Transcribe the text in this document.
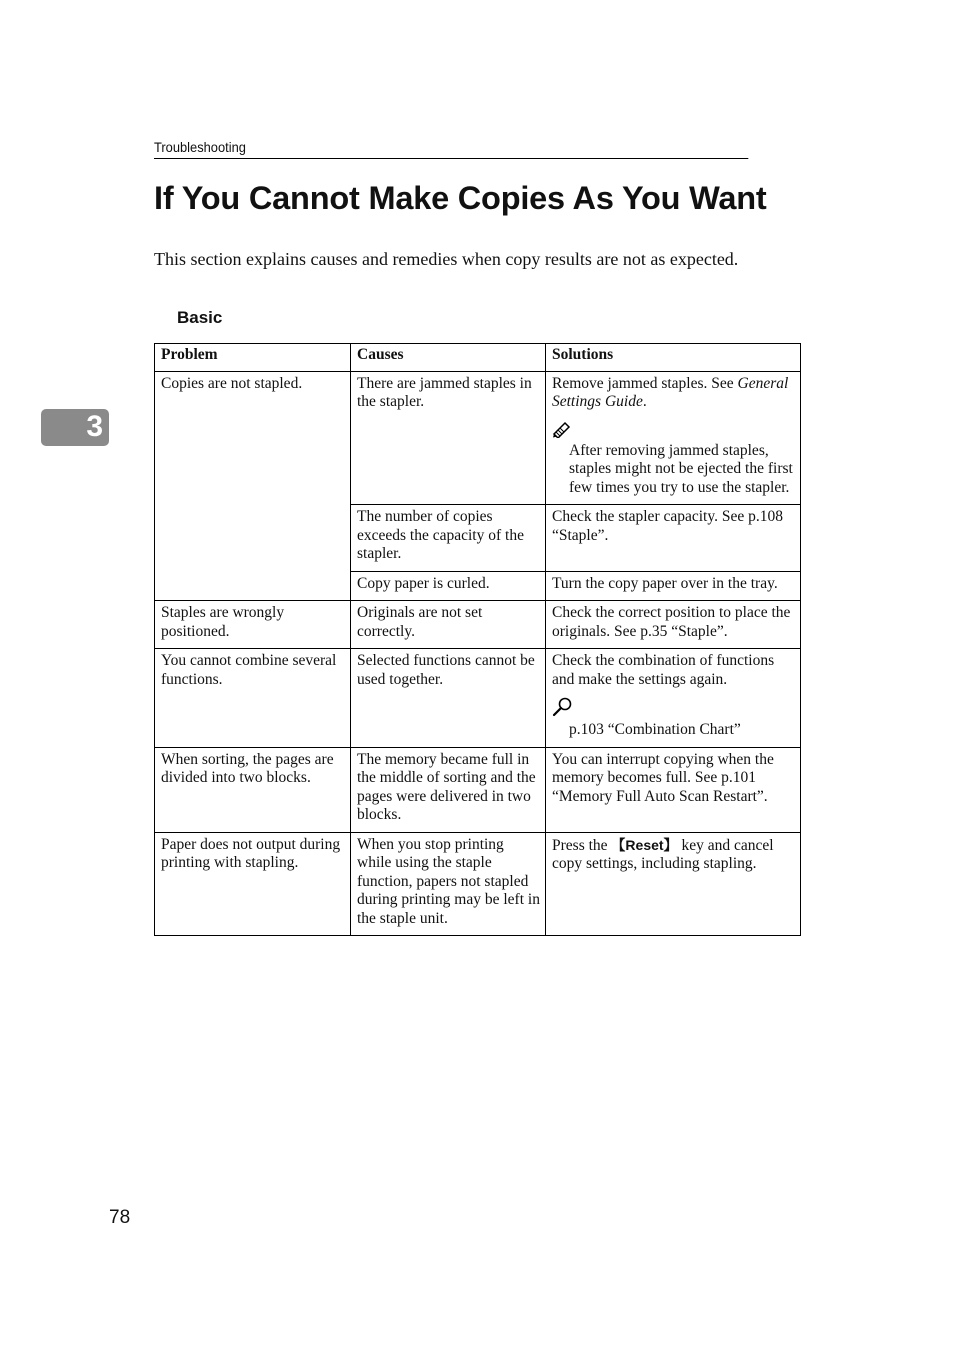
Troubleshooting
If You Cannot Make Copies As You Want

This section explains causes and remedies when copy results are not as expected.

Basic
3
Problem	Causes	Solutions
Copies are not stapled.	There are jammed staples in the stapler.	Remove jammed staples. See General Settings Guide.
After removing jammed staples, staples might not be ejected the first few times you try to use the stapler.

	The number of copies exceeds the capacity of the stapler.	Check the stapler capacity. See p.108 “Staple”.
	Copy paper is curled.	Turn the copy paper over in the tray.
Staples are wrongly positioned.	Originals are not set correctly.	Check the correct position to place the originals. See p.35 “Staple”.
You cannot combine several functions.	Selected functions cannot be used together.	Check the combination of functions and make the settings again.
p.103 “Combination Chart”

When sorting, the pages are divided into two blocks.	The memory became full in the middle of sorting and the pages were delivered in two blocks.	You can interrupt copying when the memory becomes full. See p.101 “Memory Full Auto Scan Restart”.
Paper does not output during printing with stapling.	When you stop printing while using the staple function, papers not stapled during printing may be left in the staple unit.	Press the 【Reset】 key and cancel copy settings, including stapling.
78
